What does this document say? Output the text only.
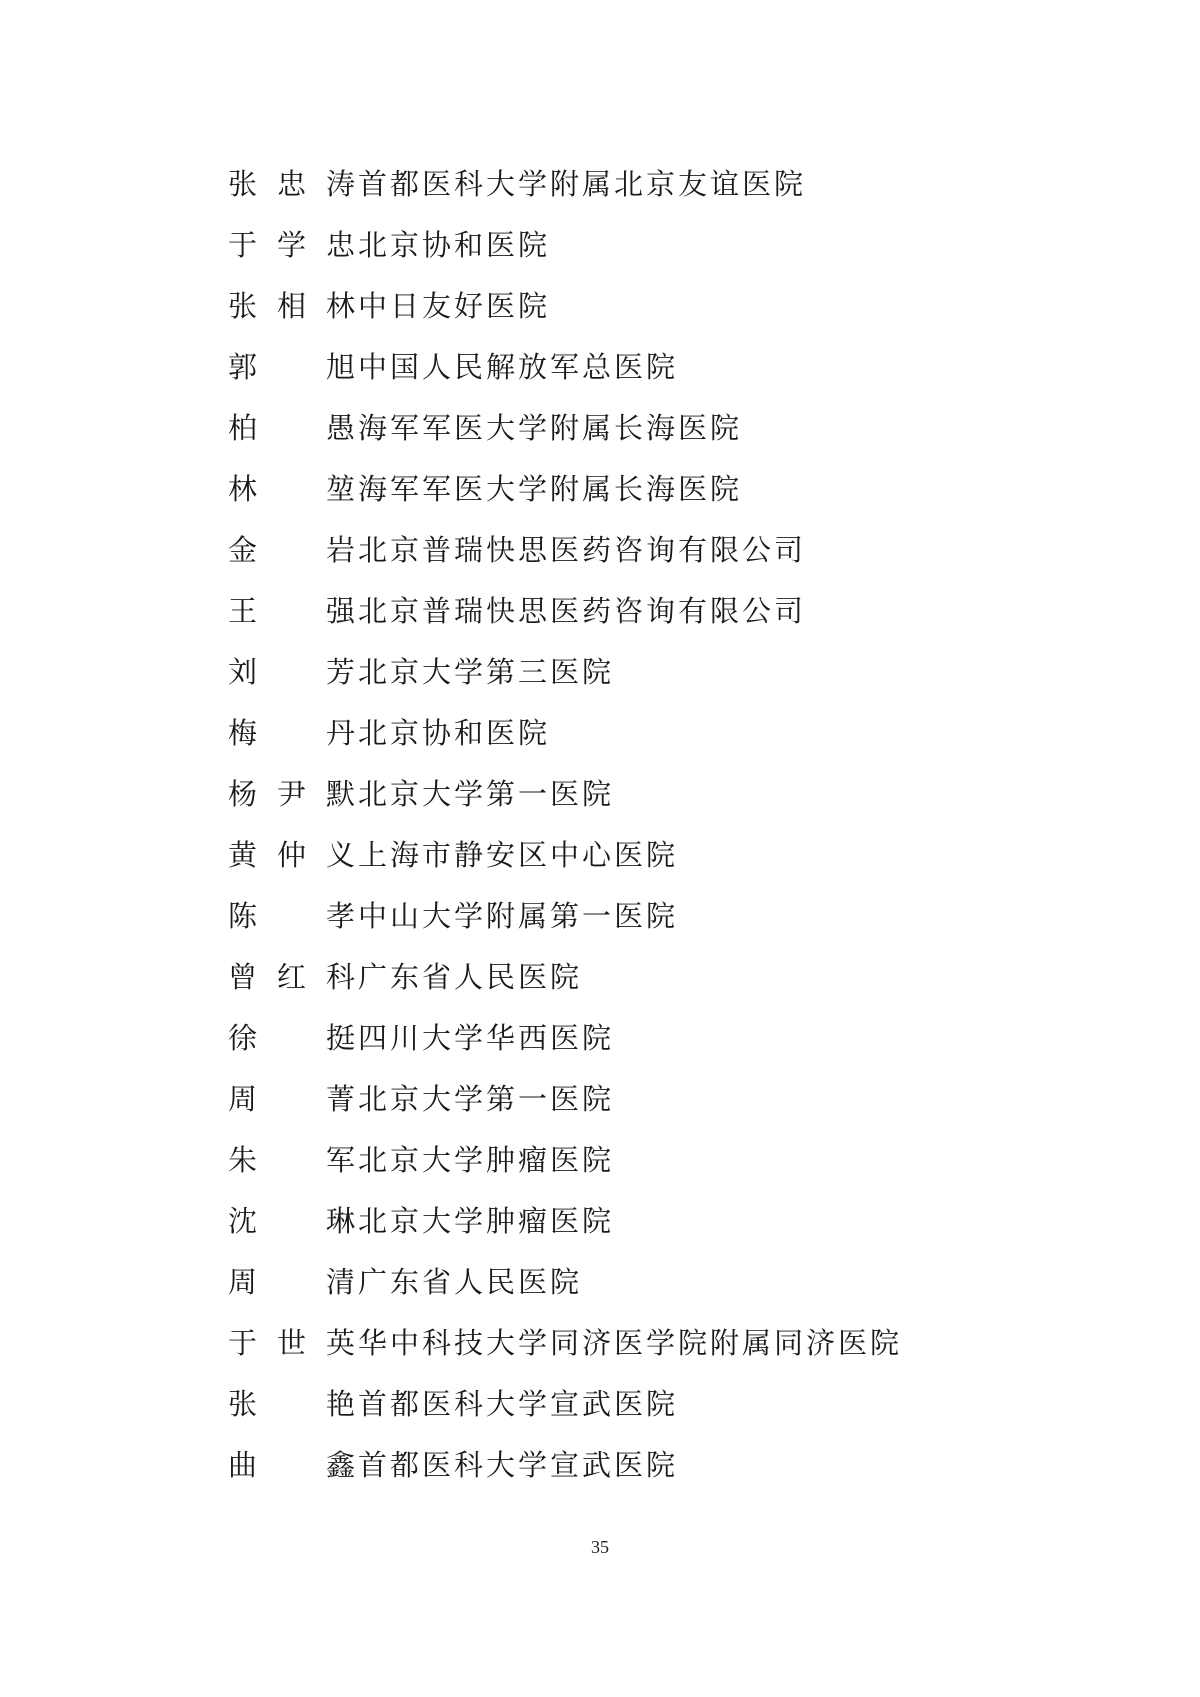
张忠涛 首都医科大学附属北京友谊医院
于学忠 北京协和医院
张相林 中日友好医院
郭旭 中国人民解放军总医院
柏愚 海军军医大学附属长海医院
林堃 海军军医大学附属长海医院
金岩 北京普瑞快思医药咨询有限公司
王强 北京普瑞快思医药咨询有限公司
刘芳 北京大学第三医院
梅丹 北京协和医院
杨尹默 北京大学第一医院
黄仲义 上海市静安区中心医院
陈孝 中山大学附属第一医院
曾红科 广东省人民医院
徐挺 四川大学华西医院
周菁 北京大学第一医院
朱军 北京大学肿瘤医院
沈琳 北京大学肿瘤医院
周清 广东省人民医院
于世英 华中科技大学同济医学院附属同济医院
张艳 首都医科大学宣武医院
曲鑫 首都医科大学宣武医院
35
